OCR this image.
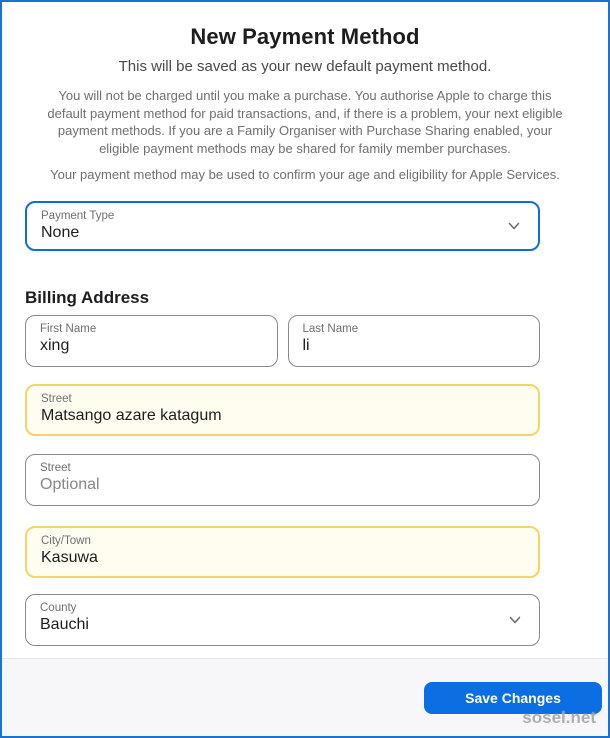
New Payment Method

This will be saved as your new default payment method.

You will not be charged until you make a purchase. You authorise Apple to charge this default payment method for paid transactions, and, if there is a problem, your next eligible payment methods. If you are a Family Organiser with Purchase Sharing enabled, your eligible payment methods may be shared for family member purchases.

Your payment method may be used to confirm your age and eligibility for Apple Services.

Payment Type
None
Billing Address
First Name
xing
Last Name
li
Street
Matsango azare katagum
Street
Optional
City/Town
Kasuwa
County
Bauchi
Save Changes
sosel.net
